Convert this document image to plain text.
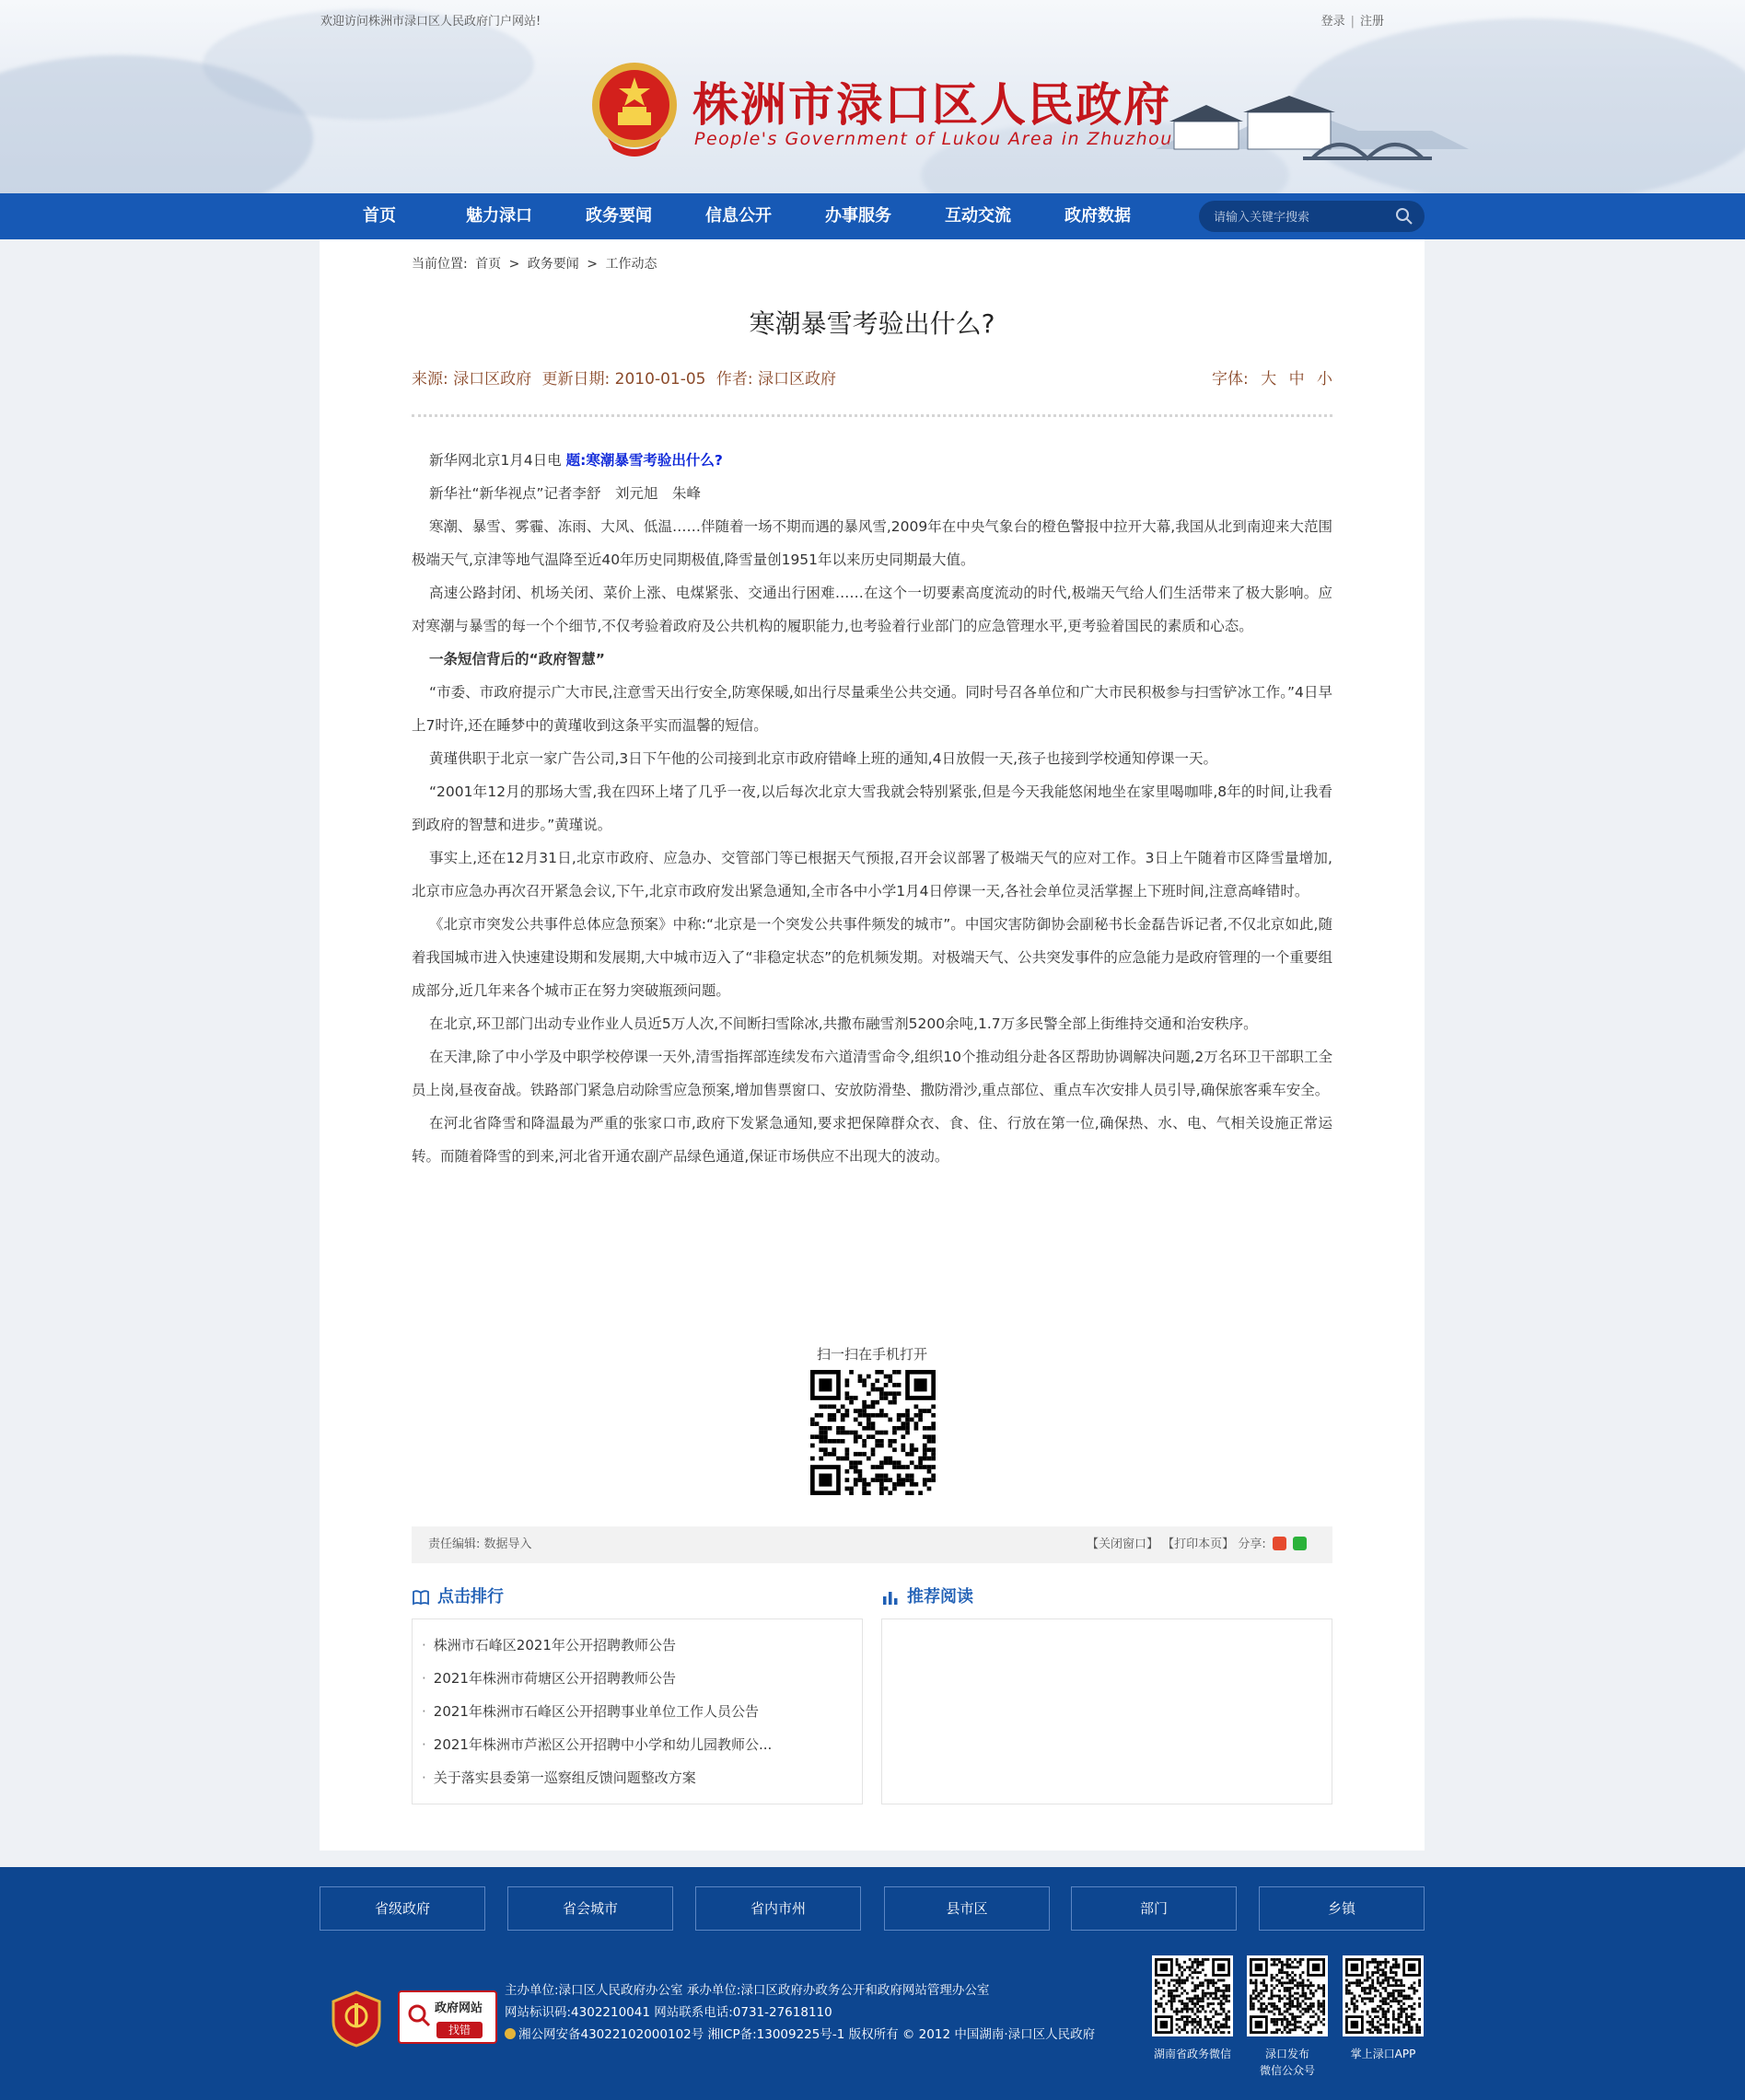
欢迎访问株洲市渌口区人民政府门户网站!	登录 | 注册
株洲市渌口区人民政府
People's Government of Lukou Area in Zhuzhou
首页	魅力渌口	政务要闻	信息公开	办事服务	互动交流	政府数据
请输入关键字搜索
当前位置: 首页 > 政务要闻 > 工作动态
寒潮暴雪考验出什么?
来源: 渌口区政府 更新日期: 2010-01-05 作者: 渌口区政府	字体: 大 中 小

新华网北京1月4日电 题:寒潮暴雪考验出什么?

新华社“新华视点”记者李舒　刘元旭　朱峰

寒潮、暴雪、雾霾、冻雨、大风、低温……伴随着一场不期而遇的暴风雪,2009年在中央气象台的橙色警报中拉开大幕,我国从北到南迎来大范围极端天气,京津等地气温降至近40年历史同期极值,降雪量创1951年以来历史同期最大值。

高速公路封闭、机场关闭、菜价上涨、电煤紧张、交通出行困难……在这个一切要素高度流动的时代,极端天气给人们生活带来了极大影响。应对寒潮与暴雪的每一个个细节,不仅考验着政府及公共机构的履职能力,也考验着行业部门的应急管理水平,更考验着国民的素质和心态。

一条短信背后的“政府智慧”

“市委、市政府提示广大市民,注意雪天出行安全,防寒保暖,如出行尽量乘坐公共交通。同时号召各单位和广大市民积极参与扫雪铲冰工作。”4日早上7时许,还在睡梦中的黄瑾收到这条平实而温馨的短信。

黄瑾供职于北京一家广告公司,3日下午他的公司接到北京市政府错峰上班的通知,4日放假一天,孩子也接到学校通知停课一天。

“2001年12月的那场大雪,我在四环上堵了几乎一夜,以后每次北京大雪我就会特别紧张,但是今天我能悠闲地坐在家里喝咖啡,8年的时间,让我看到政府的智慧和进步。”黄瑾说。

事实上,还在12月31日,北京市政府、应急办、交管部门等已根据天气预报,召开会议部署了极端天气的应对工作。3日上午随着市区降雪量增加,北京市应急办再次召开紧急会议,下午,北京市政府发出紧急通知,全市各中小学1月4日停课一天,各社会单位灵活掌握上下班时间,注意高峰错时。

《北京市突发公共事件总体应急预案》中称:“北京是一个突发公共事件频发的城市”。中国灾害防御协会副秘书长金磊告诉记者,不仅北京如此,随着我国城市进入快速建设期和发展期,大中城市迈入了“非稳定状态”的危机频发期。对极端天气、公共突发事件的应急能力是政府管理的一个重要组成部分,近几年来各个城市正在努力突破瓶颈问题。

在北京,环卫部门出动专业作业人员近5万人次,不间断扫雪除冰,共撒布融雪剂5200余吨,1.7万多民警全部上街维持交通和治安秩序。

在天津,除了中小学及中职学校停课一天外,清雪指挥部连续发布六道清雪命令,组织10个推动组分赴各区帮助协调解决问题,2万名环卫干部职工全员上岗,昼夜奋战。铁路部门紧急启动除雪应急预案,增加售票窗口、安放防滑垫、撒防滑沙,重点部位、重点车次安排人员引导,确保旅客乘车安全。

在河北省降雪和降温最为严重的张家口市,政府下发紧急通知,要求把保障群众衣、食、住、行放在第一位,确保热、水、电、气相关设施正常运转。而随着降雪的到来,河北省开通农副产品绿色通道,保证市场供应不出现大的波动。

扫一扫在手机打开
责任编辑: 数据导入	【关闭窗口】 【打印本页】 分享:
点击排行
· 株洲市石峰区2021年公开招聘教师公告
· 2021年株洲市荷塘区公开招聘教师公告
· 2021年株洲市石峰区公开招聘事业单位工作人员公告
· 2021年株洲市芦淞区公开招聘中小学和幼儿园教师公...
· 关于落实县委第一巡察组反馈问题整改方案
推荐阅读
省级政府	省会城市	省内市州	县市区	部门	乡镇
政府网站
找错
主办单位:渌口区人民政府办公室 承办单位:渌口区政府办政务公开和政府网站管理办公室
网站标识码:4302210041 网站联系电话:0731-27618110
湘公网安备43022102000102号 湘ICP备:13009225号-1 版权所有 © 2012 中国湖南·渌口区人民政府
湖南省政务微信	渌口发布
微信公众号
掌上渌口APP
